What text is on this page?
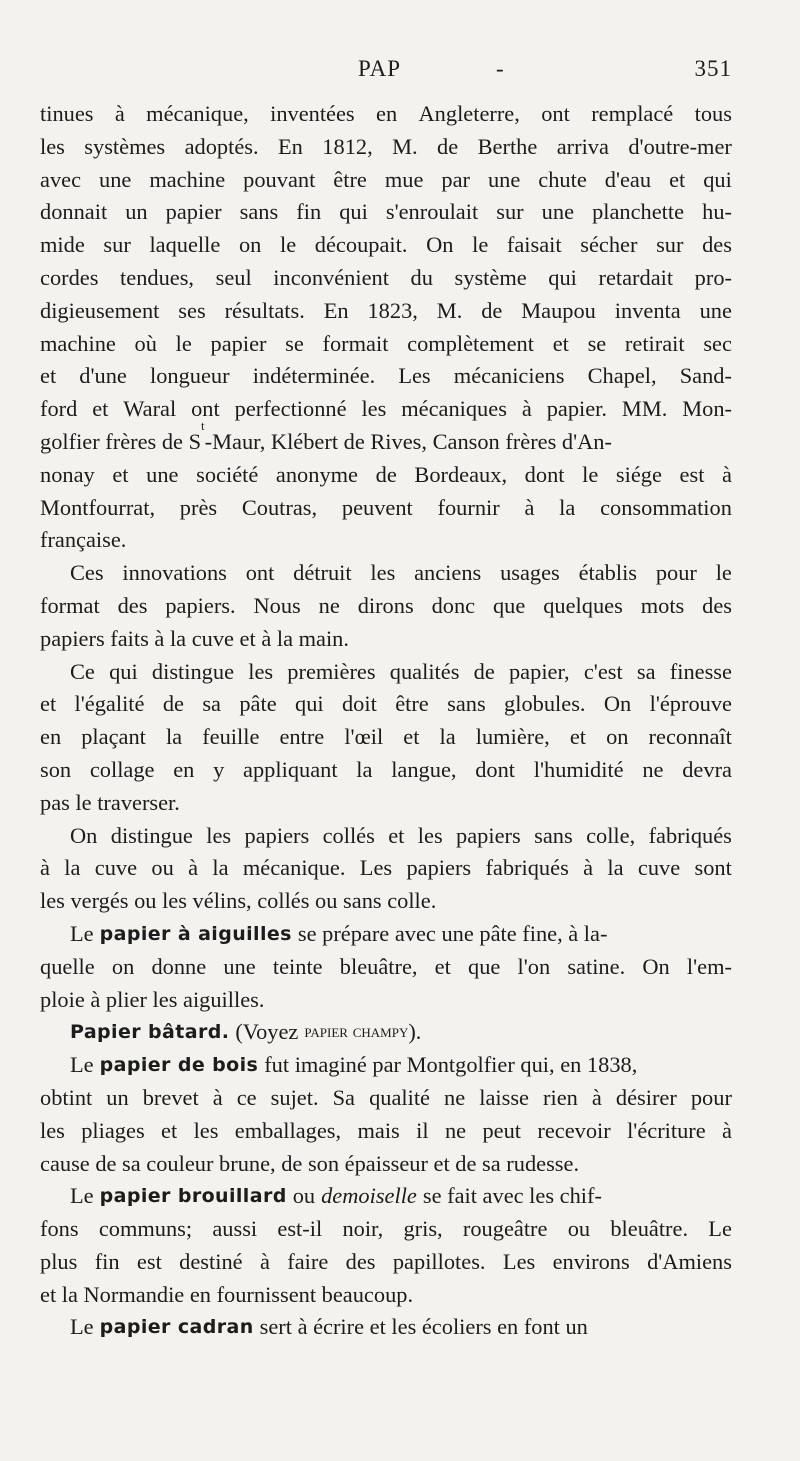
PAP	-	351
tinues à mécanique, inventées en Angleterre, ont remplacé tous
les systèmes adoptés. En 1812, M. de Berthe arriva d'outre-mer
avec une machine pouvant être mue par une chute d'eau et qui
donnait un papier sans fin qui s'enroulait sur une planchette hu-
mide sur laquelle on le découpait. On le faisait sécher sur des
cordes tendues, seul inconvénient du système qui retardait pro-
digieusement ses résultats. En 1823, M. de Maupou inventa une
machine où le papier se formait complètement et se retirait sec
et d'une longueur indéterminée. Les mécaniciens Chapel, Sand-
ford et Waral ont perfectionné les mécaniques à papier. MM. Mon-
golfier frères de S
t
-Maur, Klébert de Rives, Canson frères d'An-
nonay et une société anonyme de Bordeaux, dont le siége est à
Montfourrat, près Coutras, peuvent fournir à la consommation
française.
Ces innovations ont détruit les anciens usages établis pour le
format des papiers. Nous ne dirons donc que quelques mots des
papiers faits à la cuve et à la main.
Ce qui distingue les premières qualités de papier, c'est sa finesse
et l'égalité de sa pâte qui doit être sans globules. On l'éprouve
en plaçant la feuille entre l'œil et la lumière, et on reconnaît
son collage en y appliquant la langue, dont l'humidité ne devra
pas le traverser.
On distingue les papiers collés et les papiers sans colle, fabriqués
à la cuve ou à la mécanique. Les papiers fabriqués à la cuve sont
les vergés ou les vélins, collés ou sans colle.
Le papier à aiguilles se prépare avec une pâte fine, à la-
quelle on donne une teinte bleuâtre, et que l'on satine. On l'em-
ploie à plier les aiguilles.
Papier bâtard. (Voyez papier champy ).
Le papier de bois fut imaginé par Montgolfier qui, en 1838,
obtint un brevet à ce sujet. Sa qualité ne laisse rien à désirer pour
les pliages et les emballages, mais il ne peut recevoir l'écriture à
cause de sa couleur brune, de son épaisseur et de sa rudesse.
Le papier brouillard ou demoiselle se fait avec les chif-
fons communs; aussi est-il noir, gris, rougeâtre ou bleuâtre. Le
plus fin est destiné à faire des papillotes. Les environs d'Amiens
et la Normandie en fournissent beaucoup.
Le papier cadran sert à écrire et les écoliers en font un
